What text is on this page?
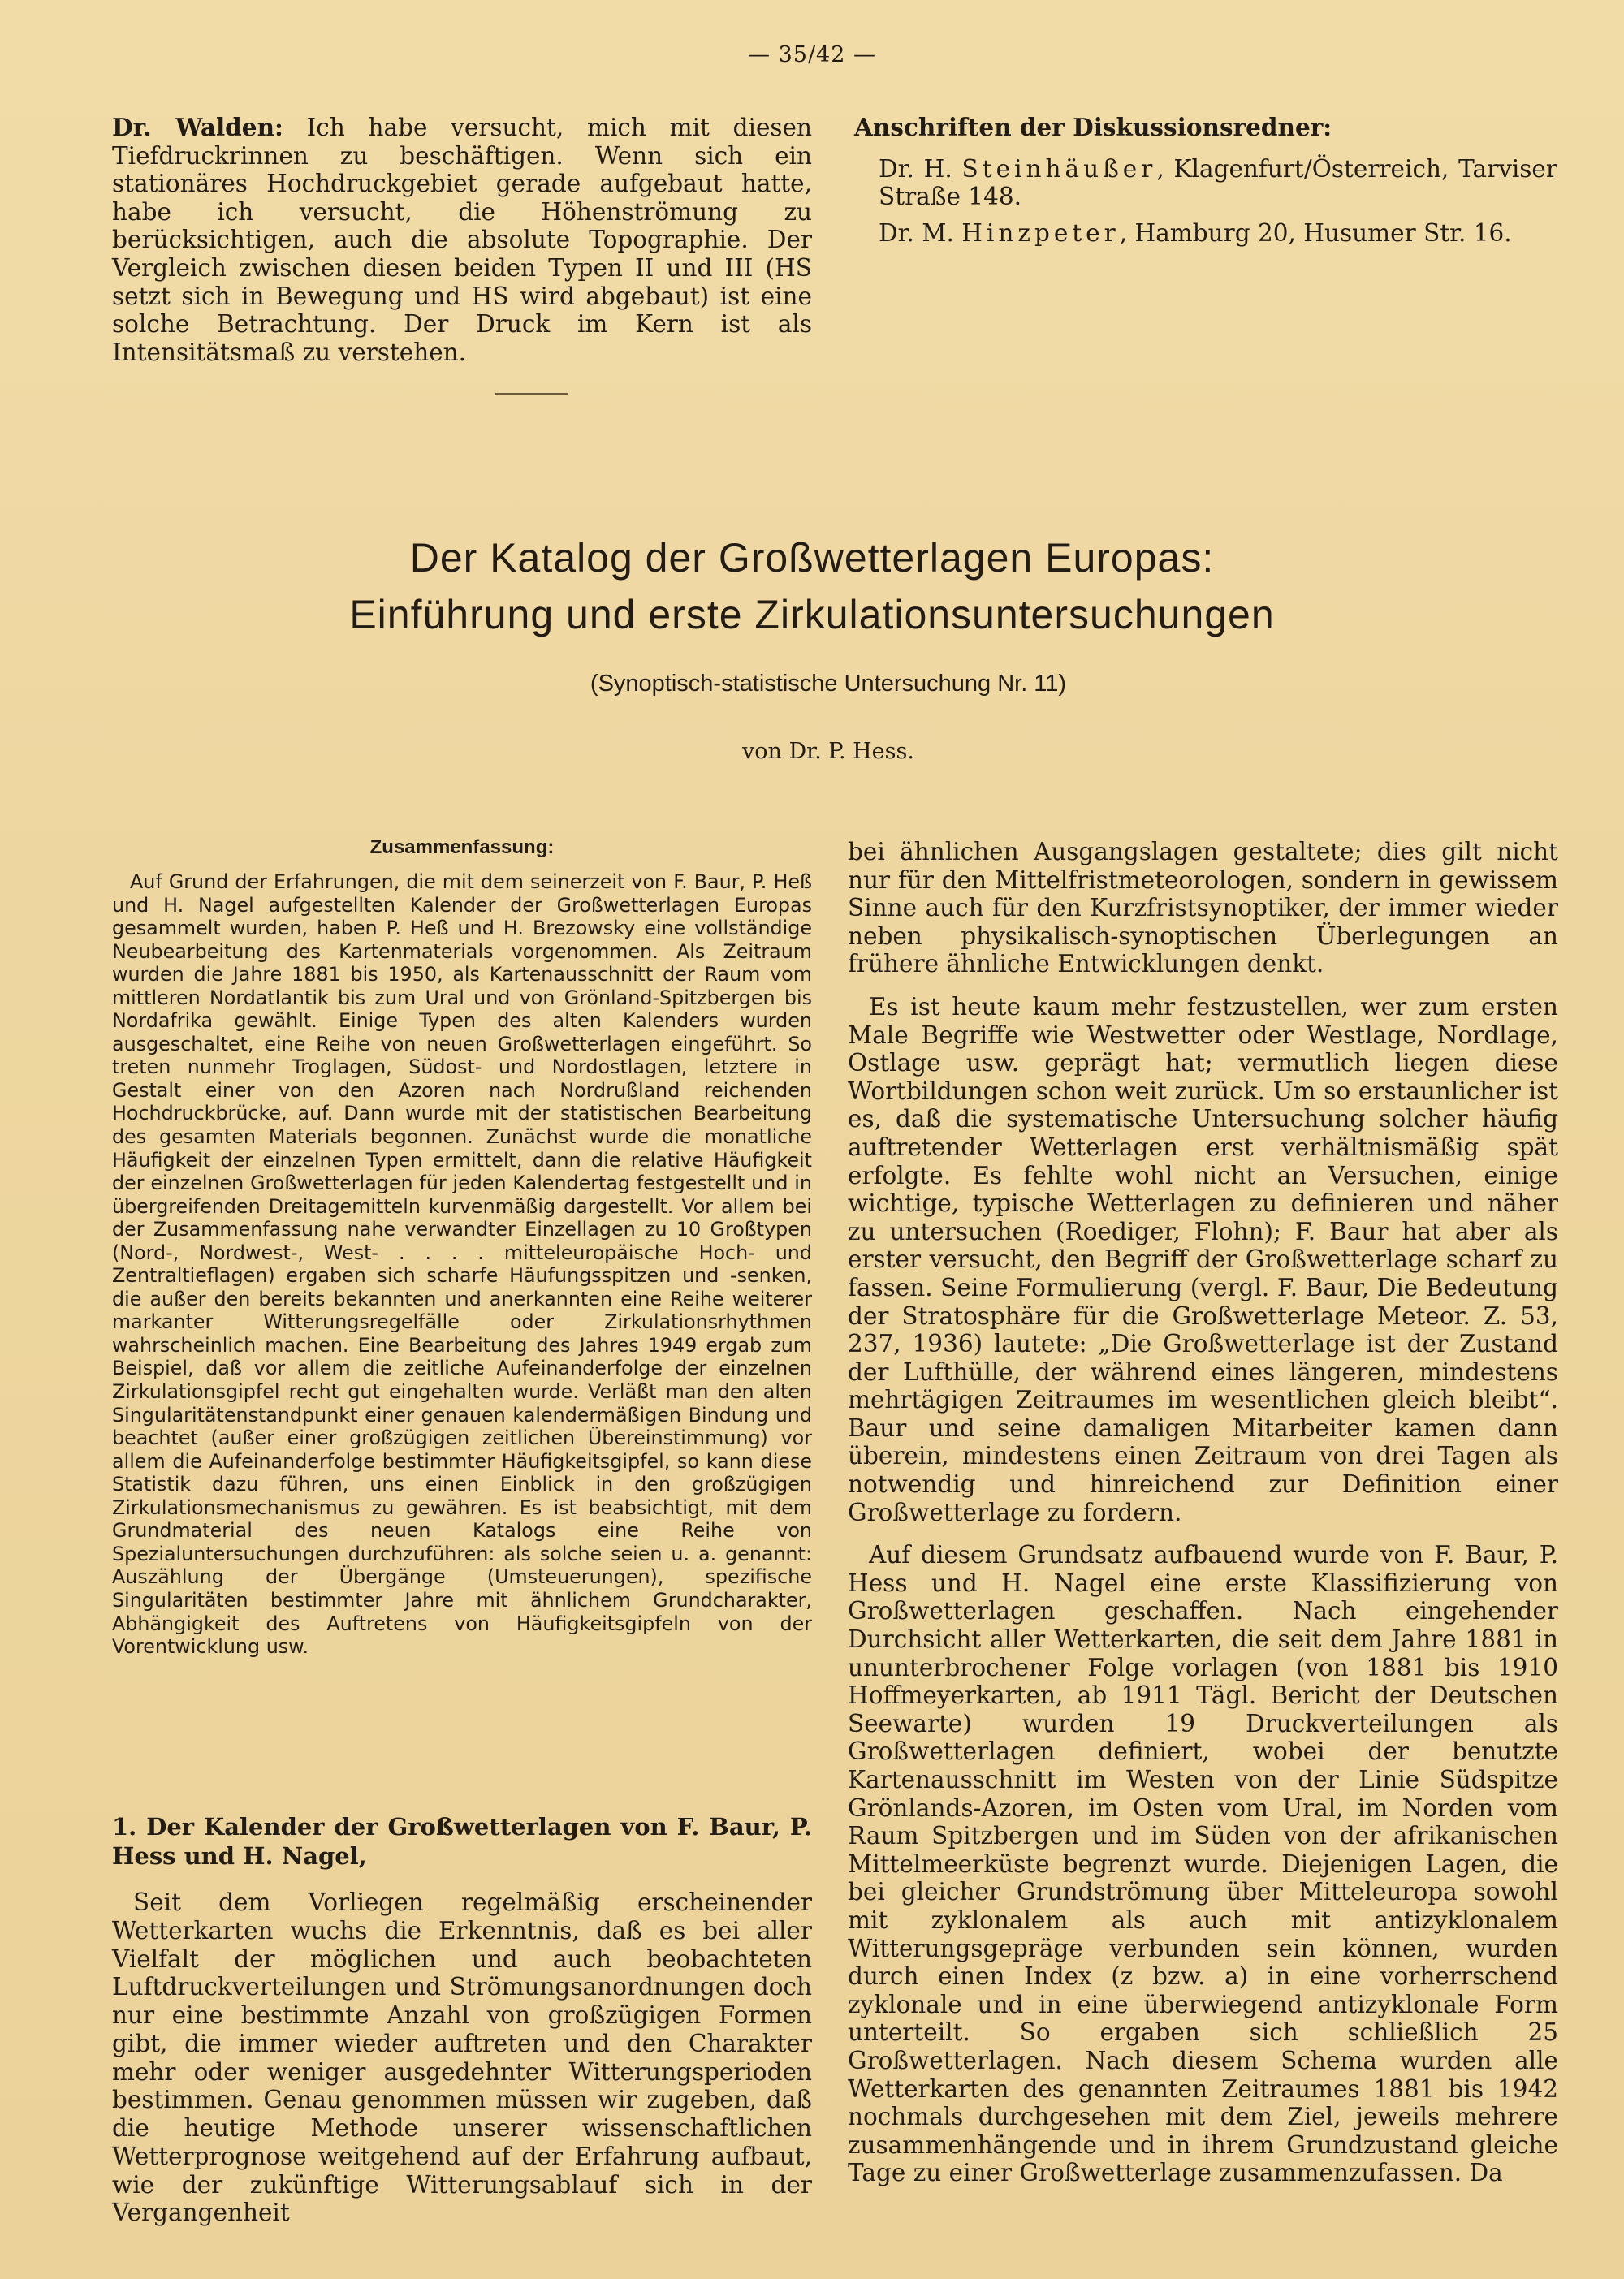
— 35/42 —
Dr. Walden: Ich habe versucht, mich mit diesen Tiefdruckrinnen zu beschäftigen. Wenn sich ein stationäres Hochdruckgebiet gerade aufgebaut hatte, habe ich versucht, die Höhenströmung zu berücksichtigen, auch die absolute Topographie. Der Vergleich zwischen diesen beiden Typen II und III (HS setzt sich in Bewegung und HS wird abgebaut) ist eine solche Betrachtung. Der Druck im Kern ist als Intensitätsmaß zu verstehen.
Anschriften der Diskussionsredner:
Dr. H. Steinhäußer, Klagenfurt/Österreich, Tarviser Straße 148.
Dr. M. Hinzpeter, Hamburg 20, Husumer Str. 16.
Der Katalog der Großwetterlagen Europas:
Einführung und erste Zirkulationsuntersuchungen
(Synoptisch-statistische Untersuchung Nr. 11)
von Dr. P. Hess.
Zusammenfassung:

Auf Grund der Erfahrungen, die mit dem seinerzeit von F. Baur, P. Heß und H. Nagel aufgestellten Kalender der Großwetterlagen Europas gesammelt wurden, haben P. Heß und H. Brezowsky eine vollständige Neubearbeitung des Kartenmaterials vorgenommen. Als Zeitraum wurden die Jahre 1881 bis 1950, als Kartenausschnitt der Raum vom mittleren Nordatlantik bis zum Ural und von Grönland-Spitzbergen bis Nordafrika gewählt. Einige Typen des alten Kalenders wurden ausgeschaltet, eine Reihe von neuen Großwetterlagen eingeführt. So treten nunmehr Troglagen, Südost- und Nordostlagen, letztere in Gestalt einer von den Azoren nach Nordrußland reichenden Hochdruckbrücke, auf. Dann wurde mit der statistischen Bearbeitung des gesamten Materials begonnen. Zunächst wurde die monatliche Häufigkeit der einzelnen Typen ermittelt, dann die relative Häufigkeit der einzelnen Großwetterlagen für jeden Kalendertag festgestellt und in übergreifenden Dreitagemitteln kurvenmäßig dargestellt. Vor allem bei der Zusammenfassung nahe verwandter Einzellagen zu 10 Großtypen (Nord-, Nordwest-, West- . . . . mitteleuropäische Hoch- und Zentraltieflagen) ergaben sich scharfe Häufungsspitzen und -senken, die außer den bereits bekannten und anerkannten eine Reihe weiterer markanter Witterungsregelfälle oder Zirkulationsrhythmen wahrscheinlich machen. Eine Bearbeitung des Jahres 1949 ergab zum Beispiel, daß vor allem die zeitliche Aufeinanderfolge der einzelnen Zirkulationsgipfel recht gut eingehalten wurde. Verläßt man den alten Singularitätenstandpunkt einer genauen kalendermäßigen Bindung und beachtet (außer einer großzügigen zeitlichen Übereinstimmung) vor allem die Aufeinanderfolge bestimmter Häufigkeitsgipfel, so kann diese Statistik dazu führen, uns einen Einblick in den großzügigen Zirkulationsmechanismus zu gewähren. Es ist beabsichtigt, mit dem Grundmaterial des neuen Katalogs eine Reihe von Spezialuntersuchungen durchzuführen: als solche seien u. a. genannt: Auszählung der Übergänge (Umsteuerungen), spezifische Singularitäten bestimmter Jahre mit ähnlichem Grundcharakter, Abhängigkeit des Auftretens von Häufigkeitsgipfeln von der Vorentwicklung usw.

1. Der Kalender der Großwetterlagen von F. Baur, P. Hess und H. Nagel,

Seit dem Vorliegen regelmäßig erscheinender Wetterkarten wuchs die Erkenntnis, daß es bei aller Vielfalt der möglichen und auch beobachteten Luftdruckverteilungen und Strömungsanordnungen doch nur eine bestimmte Anzahl von großzügigen Formen gibt, die immer wieder auftreten und den Charakter mehr oder weniger ausgedehnter Witterungsperioden bestimmen. Genau genommen müssen wir zugeben, daß die heutige Methode unserer wissenschaftlichen Wetterprognose weitgehend auf der Erfahrung aufbaut, wie der zukünftige Witterungsablauf sich in der Vergangenheit

bei ähnlichen Ausgangslagen gestaltete; dies gilt nicht nur für den Mittelfristmeteorologen, sondern in gewissem Sinne auch für den Kurzfristsynoptiker, der immer wieder neben physikalisch-synoptischen Überlegungen an frühere ähnliche Entwicklungen denkt.

Es ist heute kaum mehr festzustellen, wer zum ersten Male Begriffe wie Westwetter oder Westlage, Nordlage, Ostlage usw. geprägt hat; vermutlich liegen diese Wortbildungen schon weit zurück. Um so erstaunlicher ist es, daß die systematische Untersuchung solcher häufig auftretender Wetterlagen erst verhältnismäßig spät erfolgte. Es fehlte wohl nicht an Versuchen, einige wichtige, typische Wetterlagen zu definieren und näher zu untersuchen (Roediger, Flohn); F. Baur hat aber als erster versucht, den Begriff der Großwetterlage scharf zu fassen. Seine Formulierung (vergl. F. Baur, Die Bedeutung der Stratosphäre für die Großwetterlage Meteor. Z. 53, 237, 1936) lautete: „Die Großwetterlage ist der Zustand der Lufthülle, der während eines längeren, mindestens mehrtägigen Zeitraumes im wesentlichen gleich bleibt“. Baur und seine damaligen Mitarbeiter kamen dann überein, mindestens einen Zeitraum von drei Tagen als notwendig und hinreichend zur Definition einer Großwetterlage zu fordern.

Auf diesem Grundsatz aufbauend wurde von F. Baur, P. Hess und H. Nagel eine erste Klassifizierung von Großwetterlagen geschaffen. Nach eingehender Durchsicht aller Wetterkarten, die seit dem Jahre 1881 in ununterbrochener Folge vorlagen (von 1881 bis 1910 Hoffmeyerkarten, ab 1911 Tägl. Bericht der Deutschen Seewarte) wurden 19 Druckverteilungen als Großwetterlagen definiert, wobei der benutzte Kartenausschnitt im Westen von der Linie Südspitze Grönlands-Azoren, im Osten vom Ural, im Norden vom Raum Spitzbergen und im Süden von der afrikanischen Mittelmeerküste begrenzt wurde. Diejenigen Lagen, die bei gleicher Grundströmung über Mitteleuropa sowohl mit zyklonalem als auch mit antizyklonalem Witterungsgepräge verbunden sein können, wurden durch einen Index (z bzw. a) in eine vorherrschend zyklonale und in eine überwiegend antizyklonale Form unterteilt. So ergaben sich schließlich 25 Großwetterlagen. Nach diesem Schema wurden alle Wetterkarten des genannten Zeitraumes 1881 bis 1942 nochmals durchgesehen mit dem Ziel, jeweils mehrere zusammenhängende und in ihrem Grundzustand gleiche Tage zu einer Großwetterlage zusammenzufassen. Da
